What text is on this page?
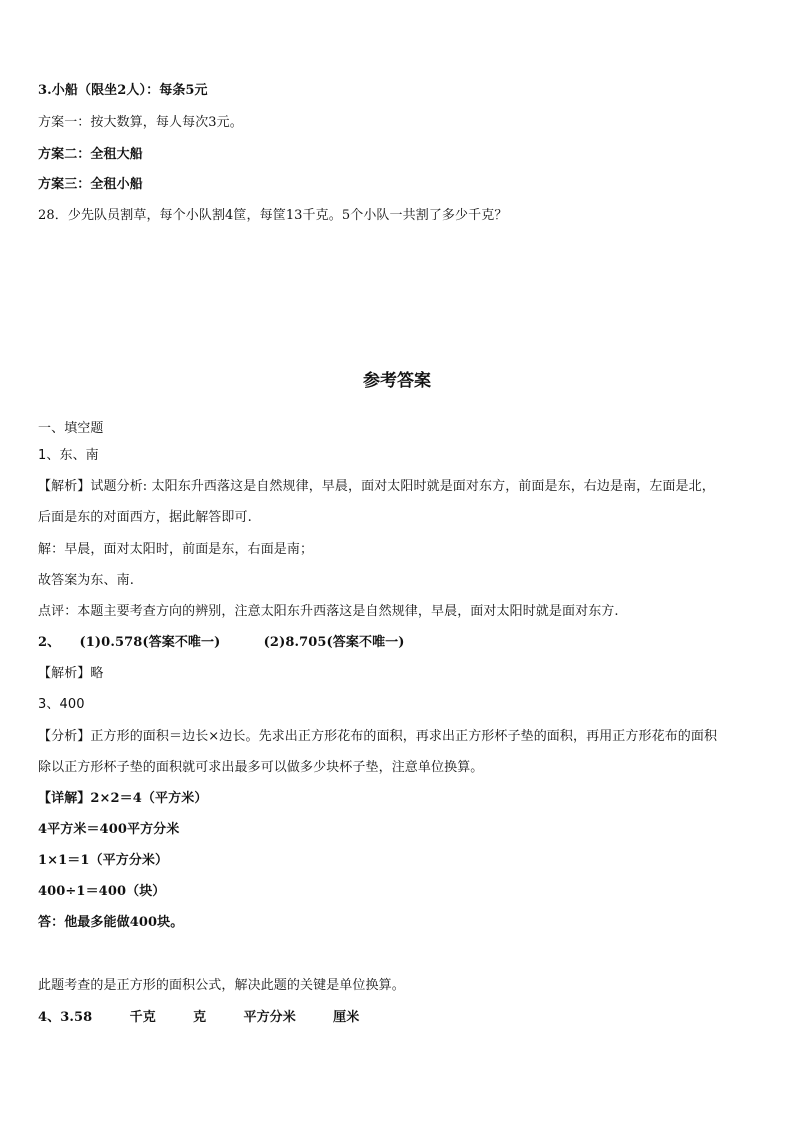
3.小船（限坐2人）：每条5元
方案一：按大数算，每人每次3元。
方案二：全租大船
方案三：全租小船
28．少先队员割草，每个小队割4筐，每筐13千克。5个小队一共割了多少千克？
参考答案
一、填空题
1、东、南
【解析】试题分析: 太阳东升西落这是自然规律，早晨，面对太阳时就是面对东方，前面是东，右边是南，左面是北，
后面是东的对面西方，据此解答即可.
解：早晨，面对太阳时，前面是东，右面是南；
故答案为东、南.
点评：本题主要考查方向的辨别，注意太阳东升西落这是自然规律，早晨，面对太阳时就是面对东方.
2、 (1)0.578(答案不唯一)	(2)8.705(答案不唯一)
【解析】略
3、400
【分析】正方形的面积＝边长×边长。先求出正方形花布的面积，再求出正方形杯子垫的面积，再用正方形花布的面积
除以正方形杯子垫的面积就可求出最多可以做多少块杯子垫，注意单位换算。
【详解】2×2＝4（平方米）
4平方米＝400平方分米
1×1＝1（平方分米）
400÷1＝400（块）
答：他最多能做400块。
此题考查的是正方形的面积公式，解决此题的关键是单位换算。
4、3.58	千克	克	平方分米	厘米
